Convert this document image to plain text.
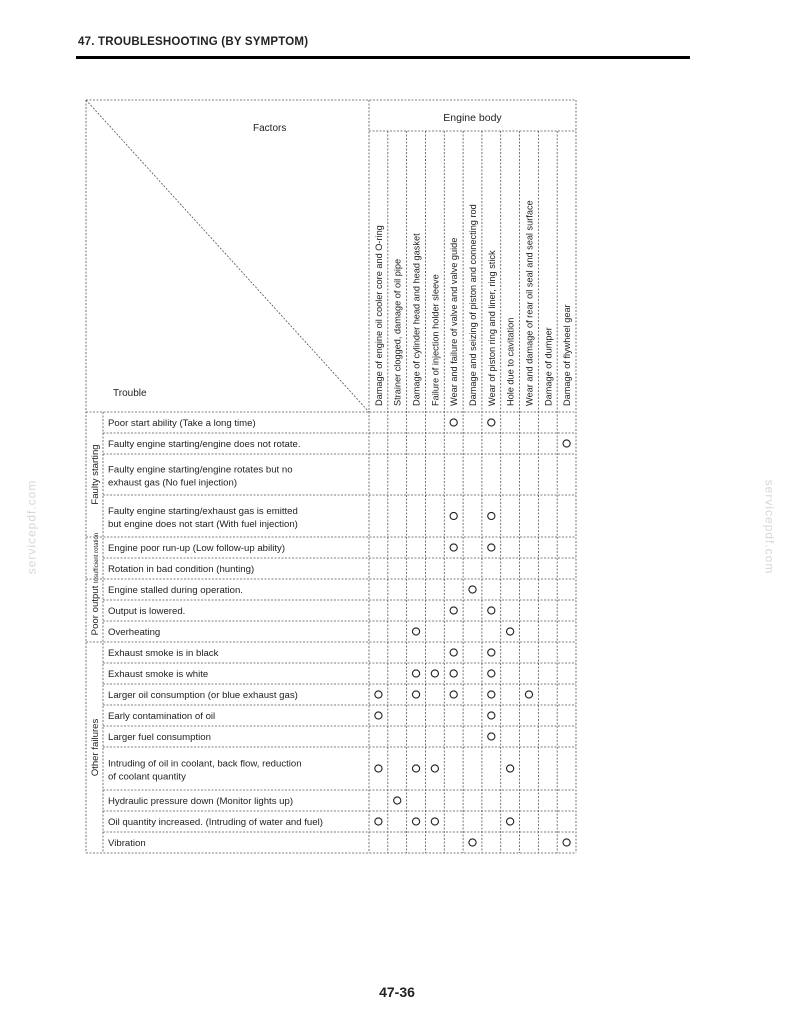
47. TROUBLESHOOTING (BY SYMPTOM)
servicepdf.com	servicepdf.com
Factors
Trouble
Engine body
Damage of engine oil cooler core and O-ring Strainer clogged, damage of oil pipe Damage of cylinder head and head gasket Failure of injection holder sleeve Wear and failure of valve and valve guide Damage and seizing of piston and connecting rod Wear of piston ring and liner, ring stick Hole due to cavitation Wear and damage of rear oil seal and seal surface Damage of dumper Damage of flywheel gear
Poor start ability (Take a long time)
Faulty engine starting/engine does not rotate.
Faulty engine starting/engine rotates but no
exhaust gas (No fuel injection)
Faulty engine starting/exhaust gas is emitted
but engine does not start (With fuel injection)
Engine poor run-up (Low follow-up ability)
Rotation in bad condition (hunting)
Engine stalled during operation.
Output is lowered.
Overheating
Exhaust smoke is in black
Exhaust smoke is white
Larger oil consumption (or blue exhaust gas)
Early contamination of oil
Larger fuel consumption
Intruding of oil in coolant, back flow, reduction
of coolant quantity
Hydraulic pressure down (Monitor lights up)
Oil quantity increased. (Intruding of water and fuel)
Vibration
Faulty starting
Insufficient rotation
Poor output
Other failures
47-36
